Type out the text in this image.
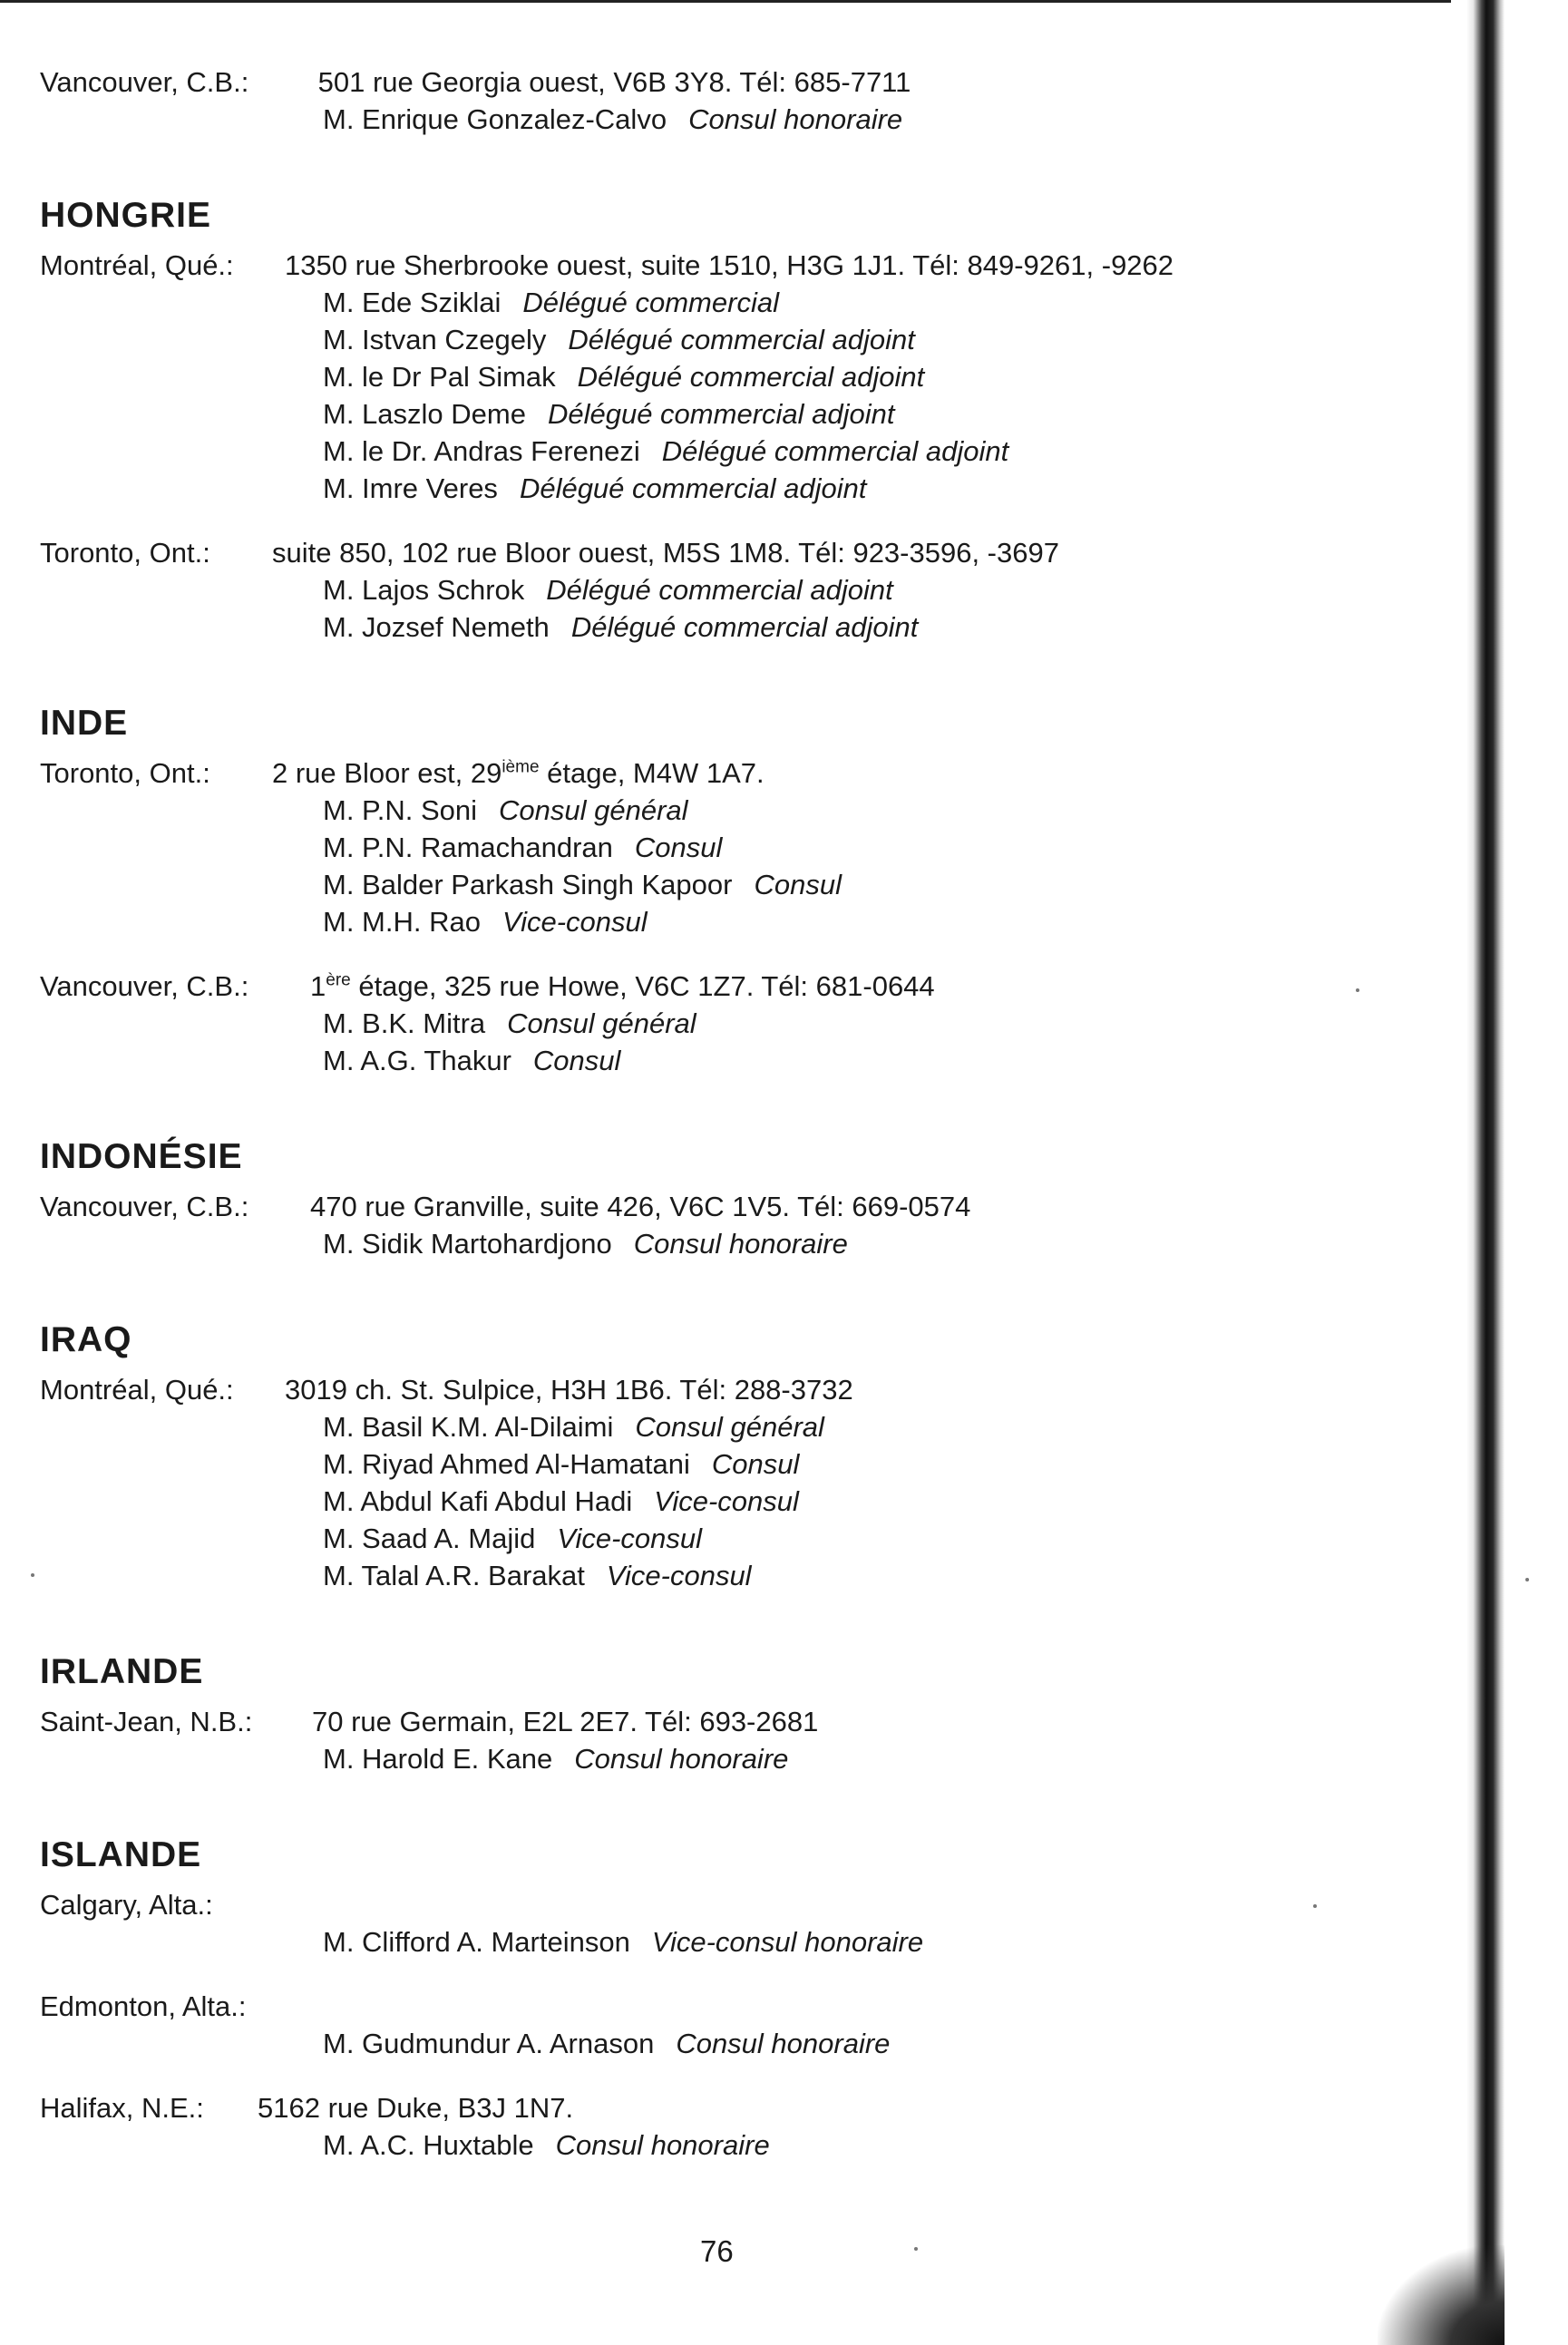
Vancouver, C.B.: 501 rue Georgia ouest, V6B 3Y8. Tél: 685-7711
M. Enrique Gonzalez-Calvo Consul honoraire
HONGRIE
Montréal, Qué.: 1350 rue Sherbrooke ouest, suite 1510, H3G 1J1. Tél: 849-9261, -9262
M. Ede Sziklai Délégué commercial
M. Istvan Czegely Délégué commercial adjoint
M. le Dr Pal Simak Délégué commercial adjoint
M. Laszlo Deme Délégué commercial adjoint
M. le Dr. Andras Ferenezi Délégué commercial adjoint
M. Imre Veres Délégué commercial adjoint
Toronto, Ont.: suite 850, 102 rue Bloor ouest, M5S 1M8. Tél: 923-3596, -3697
M. Lajos Schrok Délégué commercial adjoint
M. Jozsef Nemeth Délégué commercial adjoint
INDE
Toronto, Ont.: 2 rue Bloor est, 29ième étage, M4W 1A7.
M. P.N. Soni Consul général
M. P.N. Ramachandran Consul
M. Balder Parkash Singh Kapoor Consul
M. M.H. Rao Vice-consul
Vancouver, C.B.: 1ère étage, 325 rue Howe, V6C 1Z7. Tél: 681-0644
M. B.K. Mitra Consul général
M. A.G. Thakur Consul
INDONÉSIE
Vancouver, C.B.: 470 rue Granville, suite 426, V6C 1V5. Tél: 669-0574
M. Sidik Martohardjono Consul honoraire
IRAQ
Montréal, Qué.: 3019 ch. St. Sulpice, H3H 1B6. Tél: 288-3732
M. Basil K.M. Al-Dilaimi Consul général
M. Riyad Ahmed Al-Hamatani Consul
M. Abdul Kafi Abdul Hadi Vice-consul
M. Saad A. Majid Vice-consul
M. Talal A.R. Barakat Vice-consul
IRLANDE
Saint-Jean, N.B.: 70 rue Germain, E2L 2E7. Tél: 693-2681
M. Harold E. Kane Consul honoraire
ISLANDE
Calgary, Alta.:
M. Clifford A. Marteinson Vice-consul honoraire
Edmonton, Alta.:
M. Gudmundur A. Arnason Consul honoraire
Halifax, N.E.: 5162 rue Duke, B3J 1N7.
M. A.C. Huxtable Consul honoraire
76
